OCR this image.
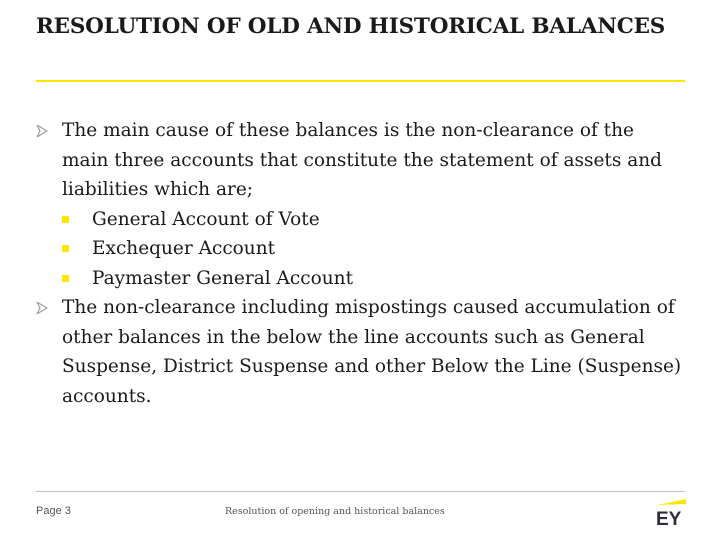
RESOLUTION OF OLD AND HISTORICAL BALANCES
The main cause of these balances is the non-clearance of the main three accounts that constitute the statement of assets and liabilities which are;
General Account of Vote
Exchequer Account
Paymaster General Account
The non-clearance including mispostings caused accumulation of other balances in the below the line accounts such as General Suspense, District Suspense and other Below the Line (Suspense) accounts.
Page 3	Resolution of opening and historical balances	EY
